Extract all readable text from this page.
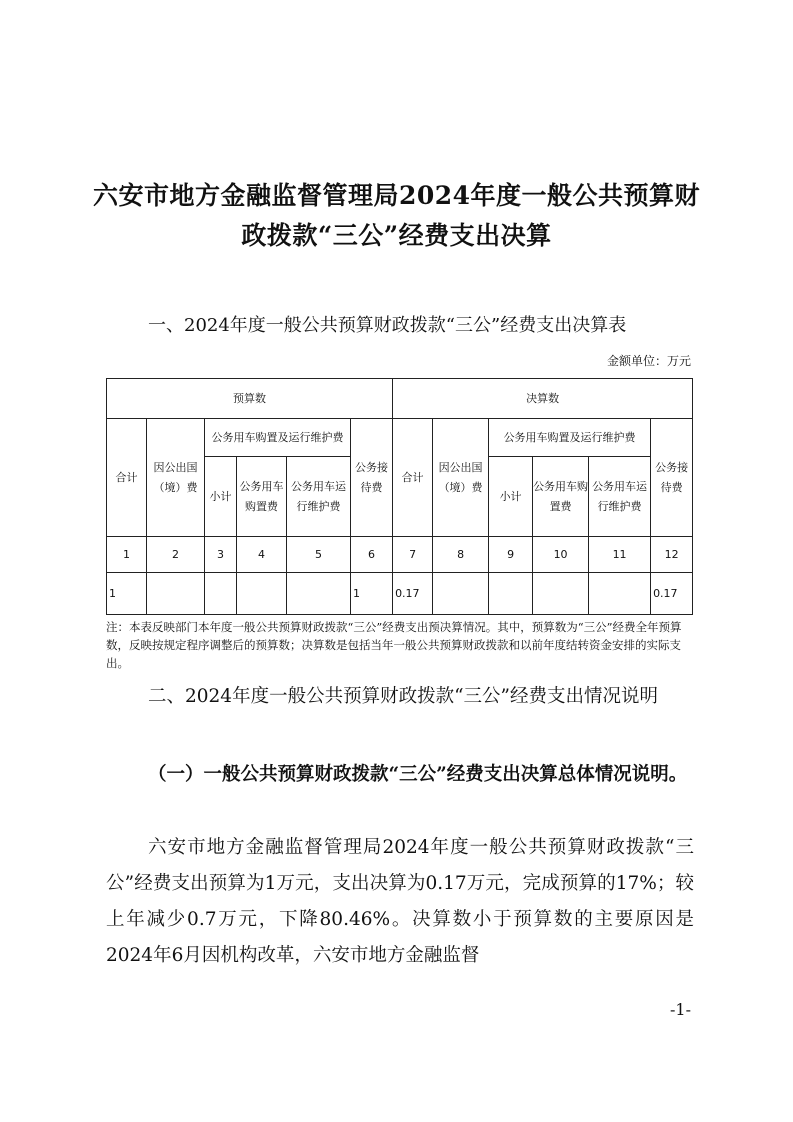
六安市地方金融监督管理局2024年度一般公共预算财政拨款“三公”经费支出决算
一、2024年度一般公共预算财政拨款“三公”经费支出决算表
金额单位：万元
预算数						决算数					
合计	因公出国（境）费	公务用车购置及运行维护费			公务接待费	合计	因公出国（境）费	公务用车购置及运行维护费			公务接待费
		小计	公务用车购置费	公务用车运行维护费				小计	公务用车购置费	公务用车运行维护费	
1	2	3	4	5	6	7	8	9	10	11	12
1					1	0.17					0.17
注：本表反映部门本年度一般公共预算财政拨款“三公”经费支出预决算情况。其中，预算数为“三公”经费全年预算数，反映按规定程序调整后的预算数；决算数是包括当年一般公共预算财政拨款和以前年度结转资金安排的实际支出。
二、2024年度一般公共预算财政拨款“三公”经费支出情况说明
（一）一般公共预算财政拨款“三公”经费支出决算总体情况说明。
六安市地方金融监督管理局2024年度一般公共预算财政拨款“三公”经费支出预算为1万元，支出决算为0.17万元，完成预算的17%；较上年减少0.7万元，下降80.46%。决算数小于预算数的主要原因是2024年6月因机构改革，六安市地方金融监督
-1-
